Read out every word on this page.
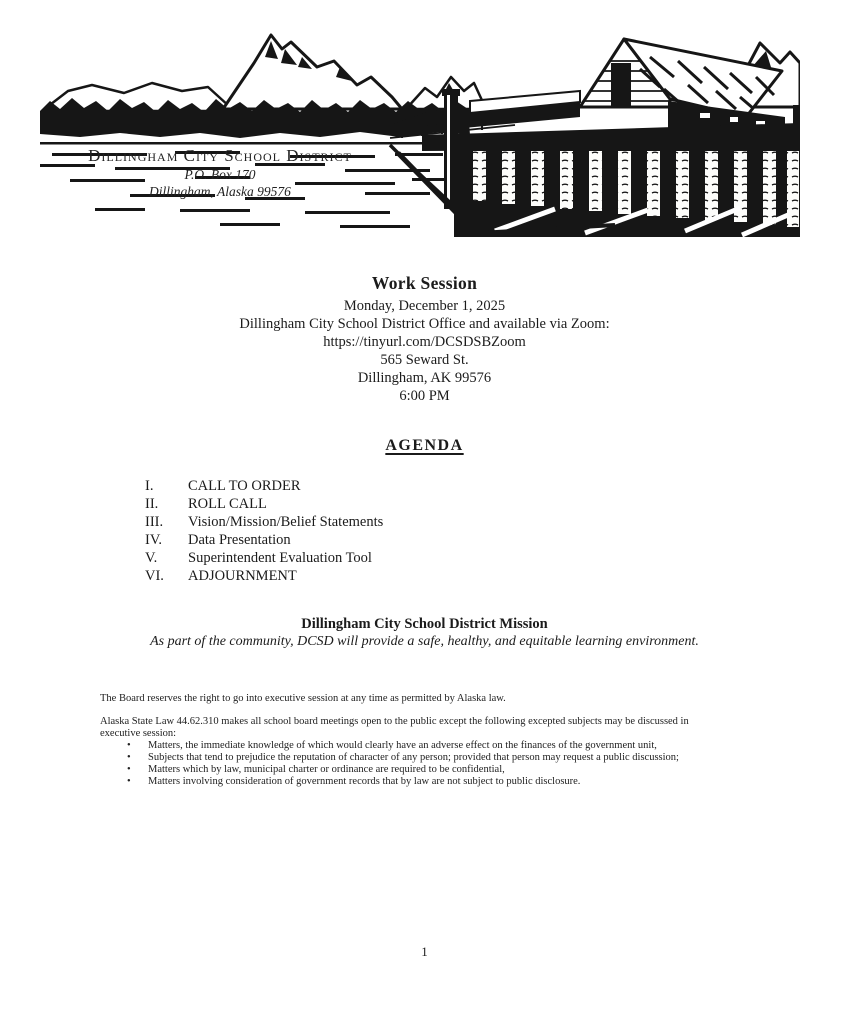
Dillingham City School District
P.O. Box 170
Dillingham, Alaska 99576
Work Session
Monday, December 1, 2025
Dillingham City School District Office and available via Zoom:
https://tinyurl.com/DCSDSBZoom
565 Seward St.
Dillingham, AK 99576
6:00 PM
AGENDA
I. CALL TO ORDER
II. ROLL CALL
III. Vision/Mission/Belief Statements
IV. Data Presentation
V. Superintendent Evaluation Tool
VI. ADJOURNMENT
Dillingham City School District Mission
As part of the community, DCSD will provide a safe, healthy, and equitable learning environment.

The Board reserves the right to go into executive session at any time as permitted by Alaska law.

Alaska State Law 44.62.310 makes all school board meetings open to the public except the following excepted subjects may be discussed in executive session:

• Matters, the immediate knowledge of which would clearly have an adverse effect on the finances of the government unit,
• Subjects that tend to prejudice the reputation of character of any person; provided that person may request a public discussion;
• Matters which by law, municipal charter or ordinance are required to be confidential,
• Matters involving consideration of government records that by law are not subject to public disclosure.
1
